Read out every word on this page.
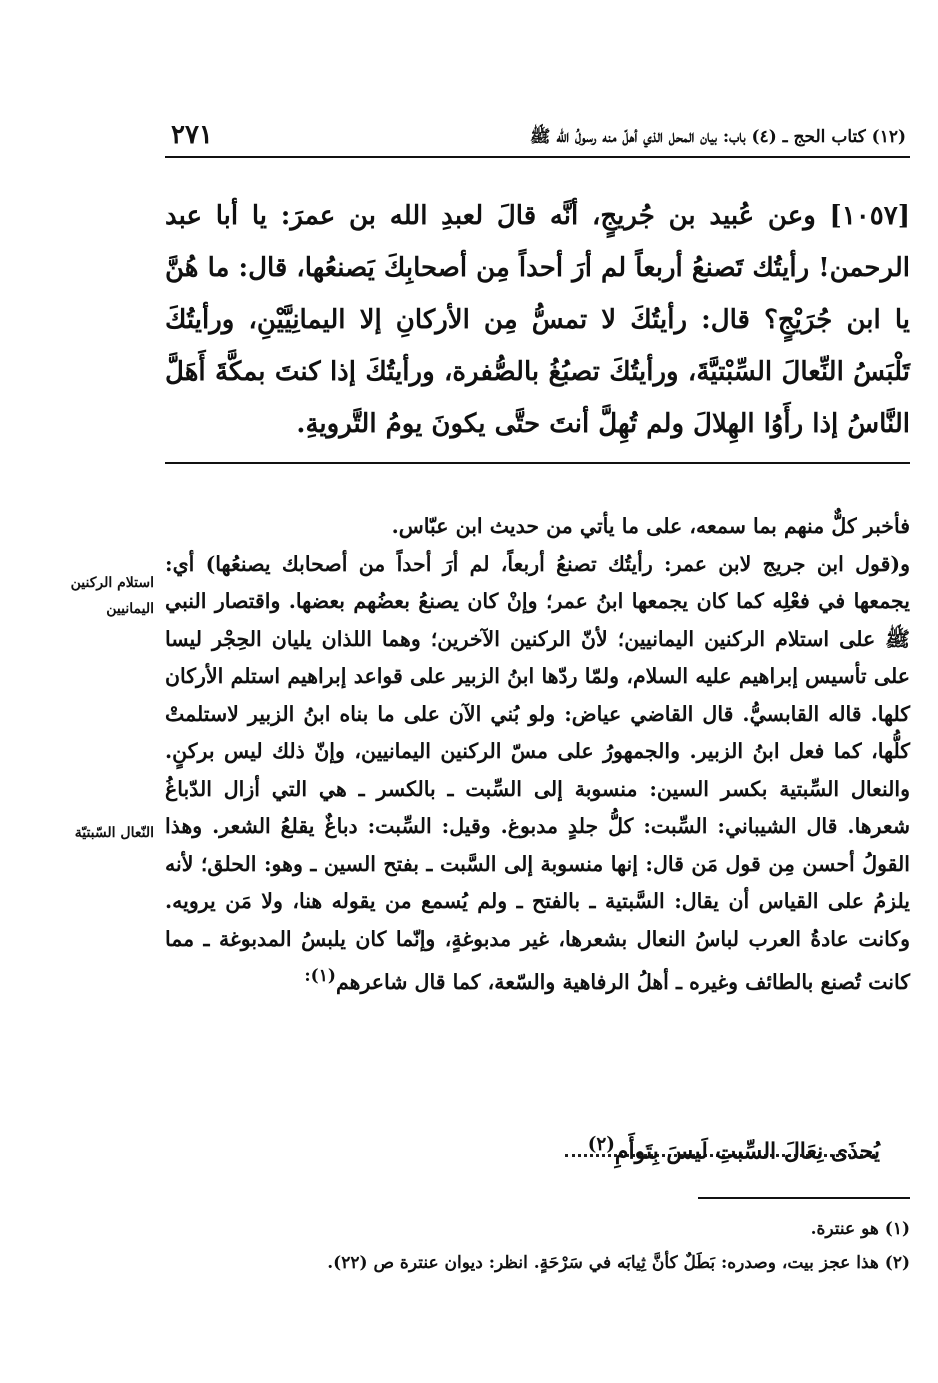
٢٧١	(١٢) كتاب الحج ـ (٤) باب: بيان المحل الذي أهلّ منه رسولُ الله ﷺ
[١٠٥٧] وعن عُبيد بن جُريجٍ، أنَّه قالَ لعبدِ الله بن عمرَ: يا أبا عبد الرحمن! رأيتُك تَصنعُ أربعاً لم أرَ أحداً مِن أصحابِكَ يَصنعُها، قال: ما هُنَّ يا ابن جُرَيْجٍ؟ قال: رأيتُكَ لا تمسُّ مِن الأركانِ إلا اليمانِيَّيْنِ، ورأيتُكَ تَلْبَسُ النِّعالَ السِّبْتيَّةَ، ورأيتُكَ تصبُغُ بالصُّفرة، ورأيتُكَ إذا كنتَ بمكَّةَ أَهَلَّ النَّاسُ إذا رأَوُا الهِلالَ ولم تُهِلَّ أنتَ حتَّى يكونَ يومُ التَّرويةِ.

فأخبر كلٌّ منهم بما سمعه، على ما يأتي من حديث ابن عبّاس.

و(قول ابن جريج لابن عمر: رأيتُك تصنعُ أربعاً، لم أرَ أحداً من أصحابك يصنعُها) أي: يجمعها في فعْلِه كما كان يجمعها ابنُ عمر؛ وإنْ كان يصنعُ بعضُهم بعضها. واقتصار النبي ﷺ على استلام الركنين اليمانيين؛ لأنّ الركنين الآخرين؛ وهما اللذان يليان الحِجْر ليسا على تأسيس إبراهيم عليه السلام، ولمّا ردّها ابنُ الزبير على قواعد إبراهيم استلم الأركان كلها. قاله القابسيُّ. قال القاضي عياض: ولو بُني الآن على ما بناه ابنُ الزبير لاستلمتْ كلُّها، كما فعل ابنُ الزبير. والجمهورُ على مسّ الركنين اليمانيين، وإنّ ذلك ليس بركنٍ. والنعال السِّبتية بكسر السين: منسوبة إلى السِّبت ـ بالكسر ـ هي التي أزال الدّباغُ شعرها. قال الشيباني: السِّبت: كلُّ جلدٍ مدبوغ. وقيل: السِّبت: دباغٌ يقلعُ الشعر. وهذا القولُ أحسن مِن قول مَن قال: إنها منسوبة إلى السَّبت ـ بفتح السين ـ وهو: الحلق؛ لأنه يلزمُ على القياس أن يقال: السَّبتية ـ بالفتح ـ ولم يُسمع من يقوله هنا، ولا مَن يرويه. وكانت عادةُ العرب لباسُ النعال بشعرها، غير مدبوغةٍ، وإنّما كان يلبسُ المدبوغة ـ مما كانت تُصنع بالطائف وغيره ـ أهلُ الرفاهية والسّعة، كما قال شاعرهم$^{(١):}$

استلام الركنين اليمانيين
النّعال السّبتيّة
يُحذَى نِعَالَ السِّبتِ لَيسَ بِتَوأَمِ$^{(٢)}$
(١) هو عنترة.
(٢) هذا عجز بيت، وصدره: بَطَلٌ كأنَّ ثِيابَه في سَرْحَةٍ. انظر: ديوان عنترة ص (٢٢).
